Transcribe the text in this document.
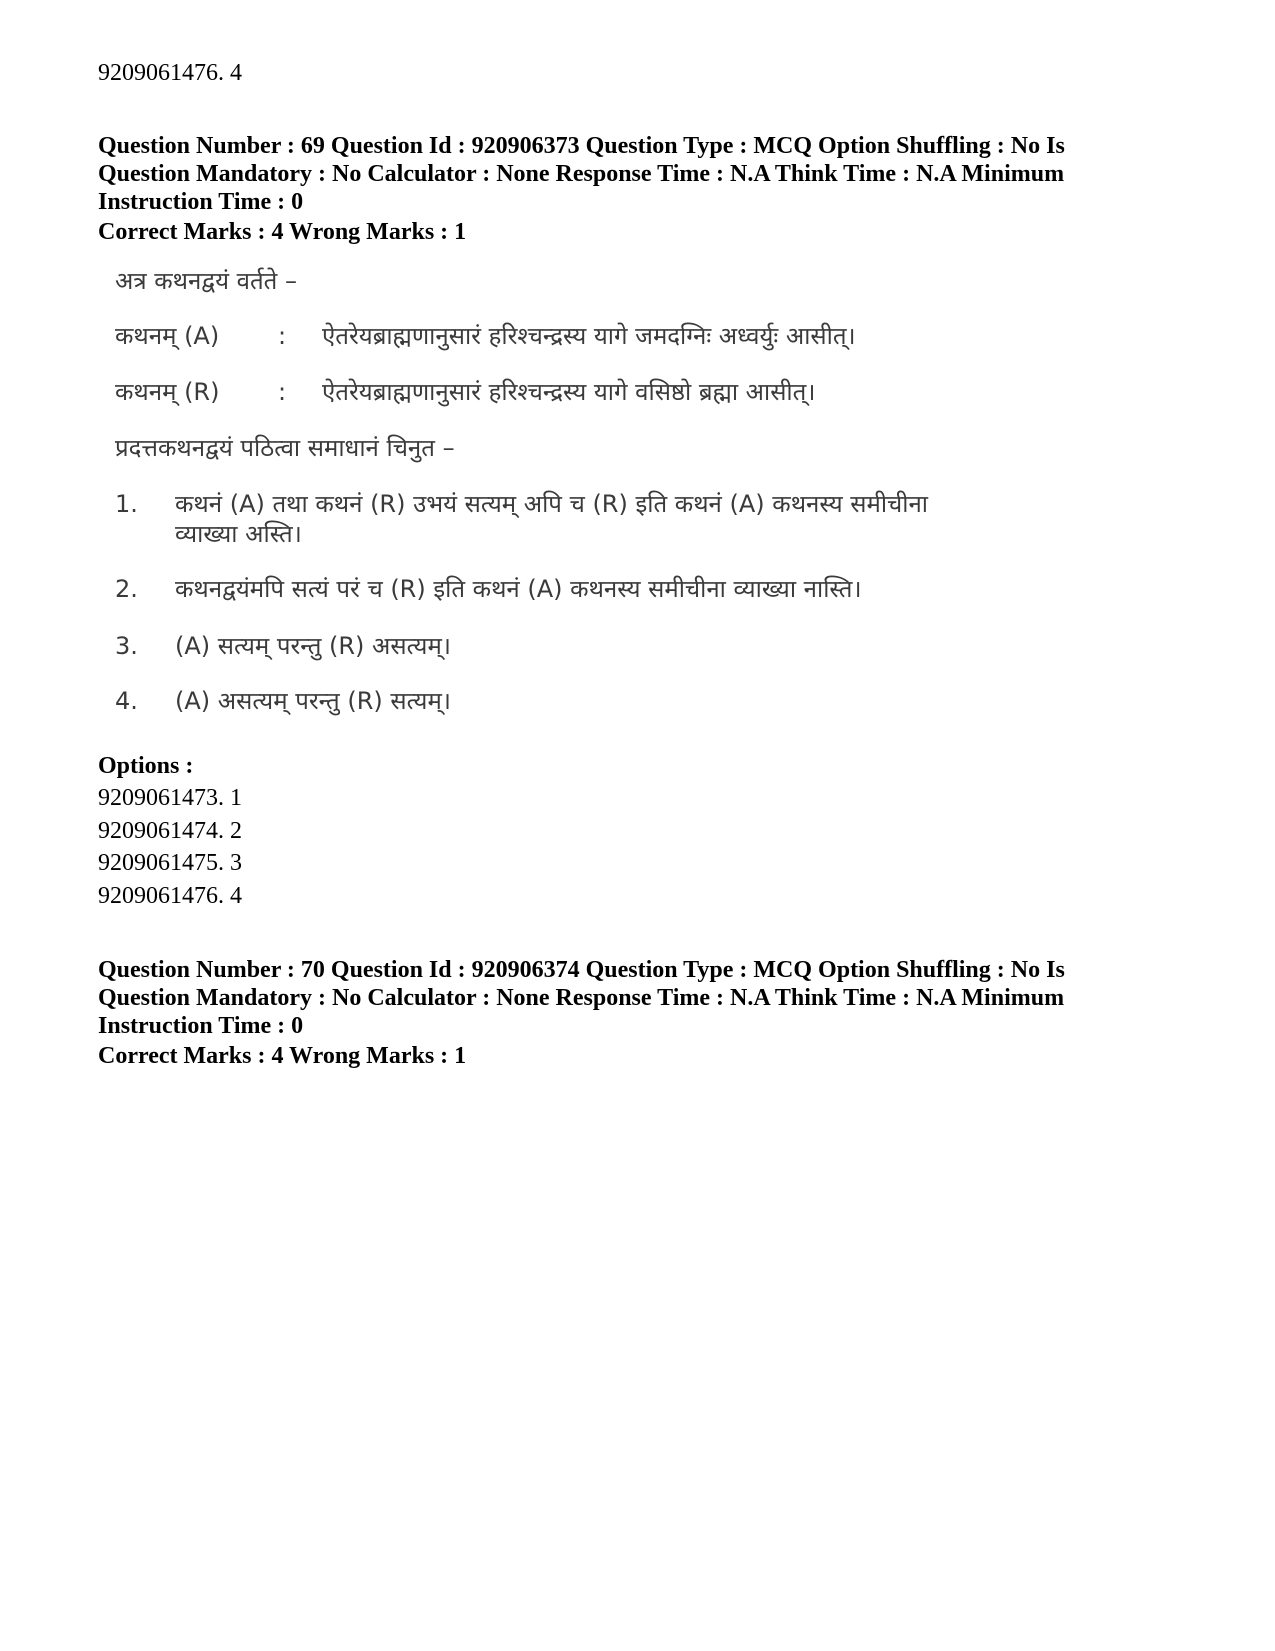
9209061476. 4
Question Number : 69 Question Id : 920906373 Question Type : MCQ Option Shuffling : No Is
Question Mandatory : No Calculator : None Response Time : N.A Think Time : N.A Minimum
Instruction Time : 0
Correct Marks : 4 Wrong Marks : 1
अत्र कथनद्वयं वर्तते –
कथनम् (A) : ऐतरेयब्राह्मणानुसारं हरिश्चन्द्रस्य यागे जमदग्निः अध्वर्युः आसीत्।
कथनम् (R) : ऐतरेयब्राह्मणानुसारं हरिश्चन्द्रस्य यागे वसिष्ठो ब्रह्मा आसीत्।
प्रदत्तकथनद्वयं पठित्वा समाधानं चिनुत –
1. कथनं (A) तथा कथनं (R) उभयं सत्यम् अपि च (R) इति कथनं (A) कथनस्य समीचीना व्याख्या अस्ति।
2. कथनद्वयंमपि सत्यं परं च (R) इति कथनं (A) कथनस्य समीचीना व्याख्या नास्ति।
3. (A) सत्यम् परन्तु (R) असत्यम्।
4. (A) असत्यम् परन्तु (R) सत्यम्।
Options :
9209061473. 1
9209061474. 2
9209061475. 3
9209061476. 4
Question Number : 70 Question Id : 920906374 Question Type : MCQ Option Shuffling : No Is
Question Mandatory : No Calculator : None Response Time : N.A Think Time : N.A Minimum
Instruction Time : 0
Correct Marks : 4 Wrong Marks : 1
